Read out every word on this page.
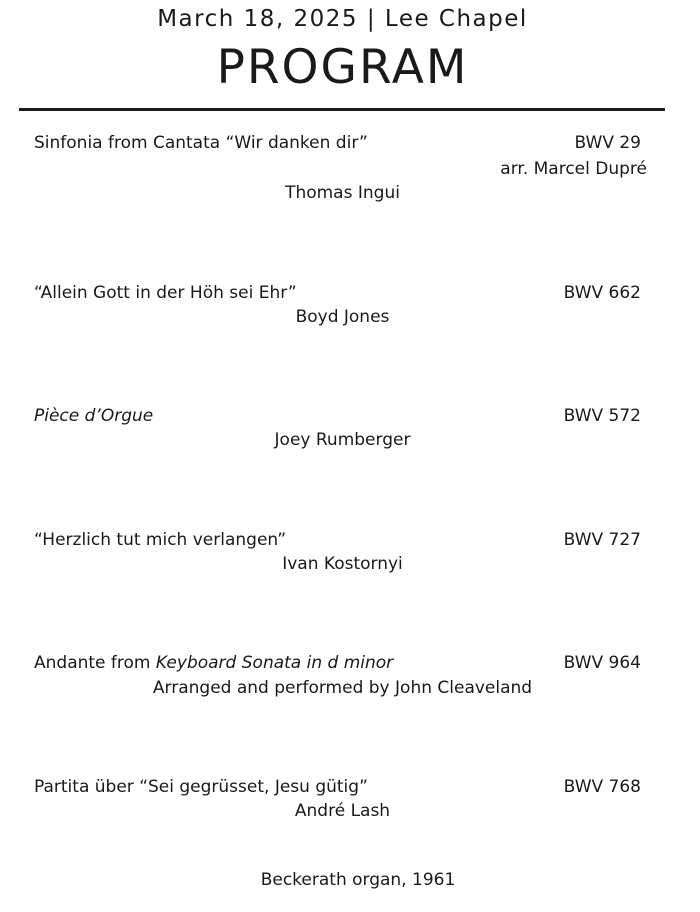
March 18, 2025 | Lee Chapel
PROGRAM
Sinfonia from Cantata “Wir danken dir”	BWV 29
arr. Marcel Dupré
Thomas Ingui
“Allein Gott in der Höh sei Ehr”	BWV 662
Boyd Jones
Pièce d’Orgue	BWV 572
Joey Rumberger
“Herzlich tut mich verlangen”	BWV 727
Ivan Kostornyi
Andante from Keyboard Sonata in d minor	BWV 964
Arranged and performed by John Cleaveland
Partita über “Sei gegrüsset, Jesu gütig”	BWV 768
André Lash
Beckerath organ, 1961
